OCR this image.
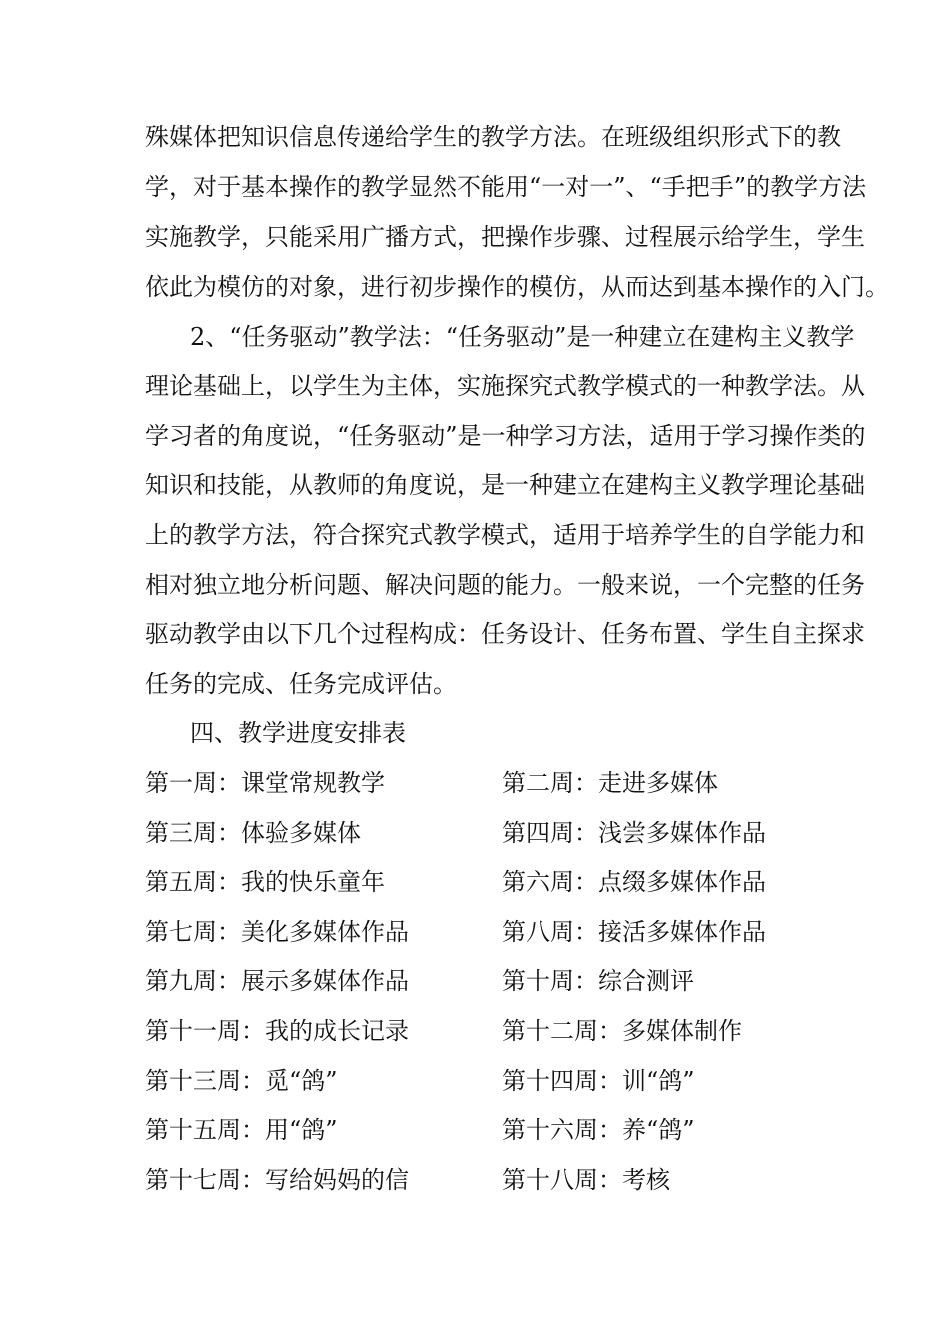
殊媒体把知识信息传递给学生的教学方法。在班级组织形式下的教
学，对于基本操作的教学显然不能用“一对一”、“手把手”的教学方法
实施教学，只能采用广播方式，把操作步骤、过程展示给学生，学生
依此为模仿的对象，进行初步操作的模仿，从而达到基本操作的入门。
2、“任务驱动”教学法：“任务驱动”是一种建立在建构主义教学
理论基础上，以学生为主体，实施探究式教学模式的一种教学法。从
学习者的角度说，“任务驱动”是一种学习方法，适用于学习操作类的
知识和技能，从教师的角度说，是一种建立在建构主义教学理论基础
上的教学方法，符合探究式教学模式，适用于培养学生的自学能力和
相对独立地分析问题、解决问题的能力。一般来说，一个完整的任务
驱动教学由以下几个过程构成：任务设计、任务布置、学生自主探求
任务的完成、任务完成评估。
四、教学进度安排表
第一周：课堂常规教学	第二周：走进多媒体
第三周：体验多媒体	第四周：浅尝多媒体作品
第五周：我的快乐童年	第六周：点缀多媒体作品
第七周：美化多媒体作品	第八周：接活多媒体作品
第九周：展示多媒体作品	第十周：综合测评
第十一周：我的成长记录	第十二周：多媒体制作
第十三周：觅“鸽”	第十四周：训“鸽”
第十五周：用“鸽”	第十六周：养“鸽”
第十七周：写给妈妈的信	第十八周：考核
